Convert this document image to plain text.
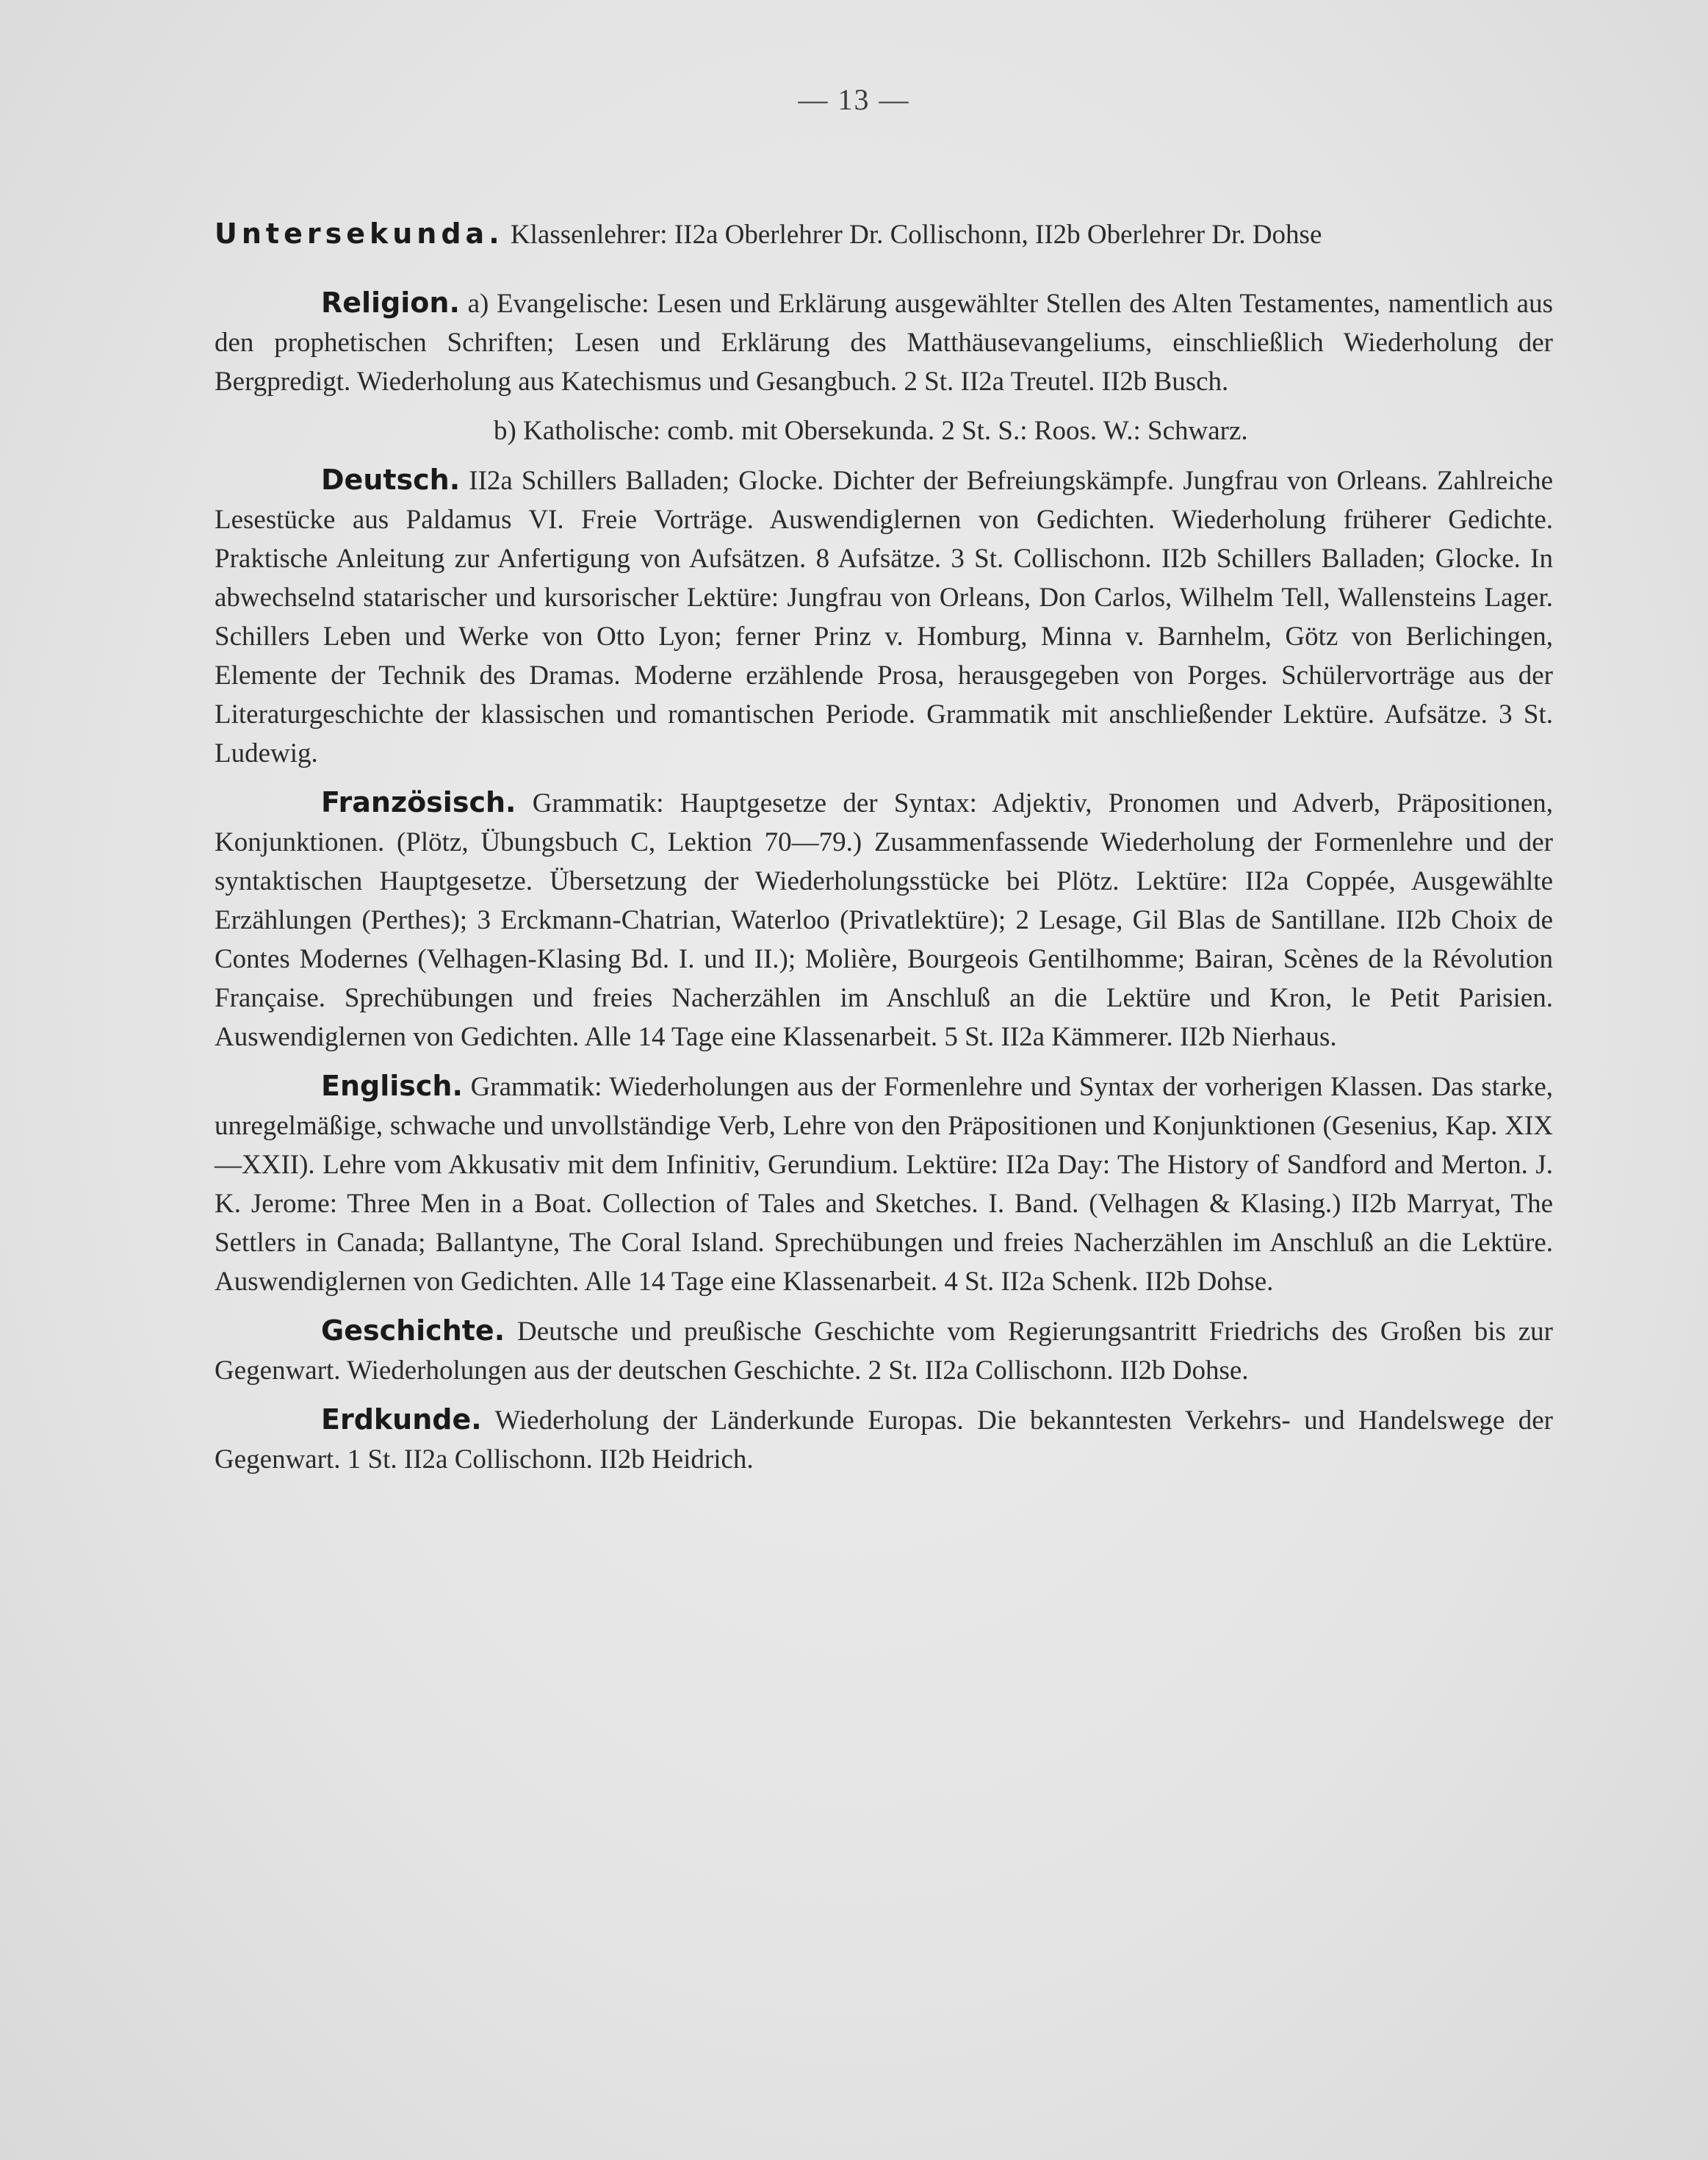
— 13 —

Untersekunda. Klassenlehrer: II2a Oberlehrer Dr. Collischonn, II2b Oberlehrer Dr. Dohse

Religion. a) Evangelische: Lesen und Erklärung ausgewählter Stellen des Alten Testamentes, namentlich aus den prophetischen Schriften; Lesen und Erklärung des Matthäusevangeliums, einschließlich Wiederholung der Bergpredigt. Wiederholung aus Katechismus und Gesangbuch. 2 St. II2a Treutel. II2b Busch.

b) Katholische: comb. mit Obersekunda. 2 St. S.: Roos. W.: Schwarz.

Deutsch. II2a Schillers Balladen; Glocke. Dichter der Befreiungskämpfe. Jungfrau von Orleans. Zahlreiche Lesestücke aus Paldamus VI. Freie Vorträge. Auswendiglernen von Gedichten. Wiederholung früherer Gedichte. Praktische Anleitung zur Anfertigung von Aufsätzen. 8 Aufsätze. 3 St. Collischonn. II2b Schillers Balladen; Glocke. In abwechselnd statarischer und kursorischer Lektüre: Jungfrau von Orleans, Don Carlos, Wilhelm Tell, Wallensteins Lager. Schillers Leben und Werke von Otto Lyon; ferner Prinz v. Homburg, Minna v. Barnhelm, Götz von Berlichingen, Elemente der Technik des Dramas. Moderne erzählende Prosa, herausgegeben von Porges. Schülervorträge aus der Literaturgeschichte der klassischen und romantischen Periode. Grammatik mit anschließender Lektüre. Aufsätze. 3 St. Ludewig.

Französisch. Grammatik: Hauptgesetze der Syntax: Adjektiv, Pronomen und Adverb, Präpositionen, Konjunktionen. (Plötz, Übungsbuch C, Lektion 70—79.) Zusammenfassende Wiederholung der Formenlehre und der syntaktischen Hauptgesetze. Übersetzung der Wiederholungsstücke bei Plötz. Lektüre: II2a Coppée, Ausgewählte Erzählungen (Perthes); 3 Erckmann-Chatrian, Waterloo (Privatlektüre); 2 Lesage, Gil Blas de Santillane. II2b Choix de Contes Modernes (Velhagen-Klasing Bd. I. und II.); Molière, Bourgeois Gentilhomme; Bairan, Scènes de la Révolution Française. Sprechübungen und freies Nacherzählen im Anschluß an die Lektüre und Kron, le Petit Parisien. Auswendiglernen von Gedichten. Alle 14 Tage eine Klassenarbeit. 5 St. II2a Kämmerer. II2b Nierhaus.

Englisch. Grammatik: Wiederholungen aus der Formenlehre und Syntax der vorherigen Klassen. Das starke, unregelmäßige, schwache und unvollständige Verb, Lehre von den Präpositionen und Konjunktionen (Gesenius, Kap. XIX—XXII). Lehre vom Akkusativ mit dem Infinitiv, Gerundium. Lektüre: II2a Day: The History of Sandford and Merton. J. K. Jerome: Three Men in a Boat. Collection of Tales and Sketches. I. Band. (Velhagen & Klasing.) II2b Marryat, The Settlers in Canada; Ballantyne, The Coral Island. Sprechübungen und freies Nacherzählen im Anschluß an die Lektüre. Auswendiglernen von Gedichten. Alle 14 Tage eine Klassenarbeit. 4 St. II2a Schenk. II2b Dohse.

Geschichte. Deutsche und preußische Geschichte vom Regierungsantritt Friedrichs des Großen bis zur Gegenwart. Wiederholungen aus der deutschen Geschichte. 2 St. II2a Collischonn. II2b Dohse.

Erdkunde. Wiederholung der Länderkunde Europas. Die bekanntesten Verkehrs- und Handelswege der Gegenwart. 1 St. II2a Collischonn. II2b Heidrich.
